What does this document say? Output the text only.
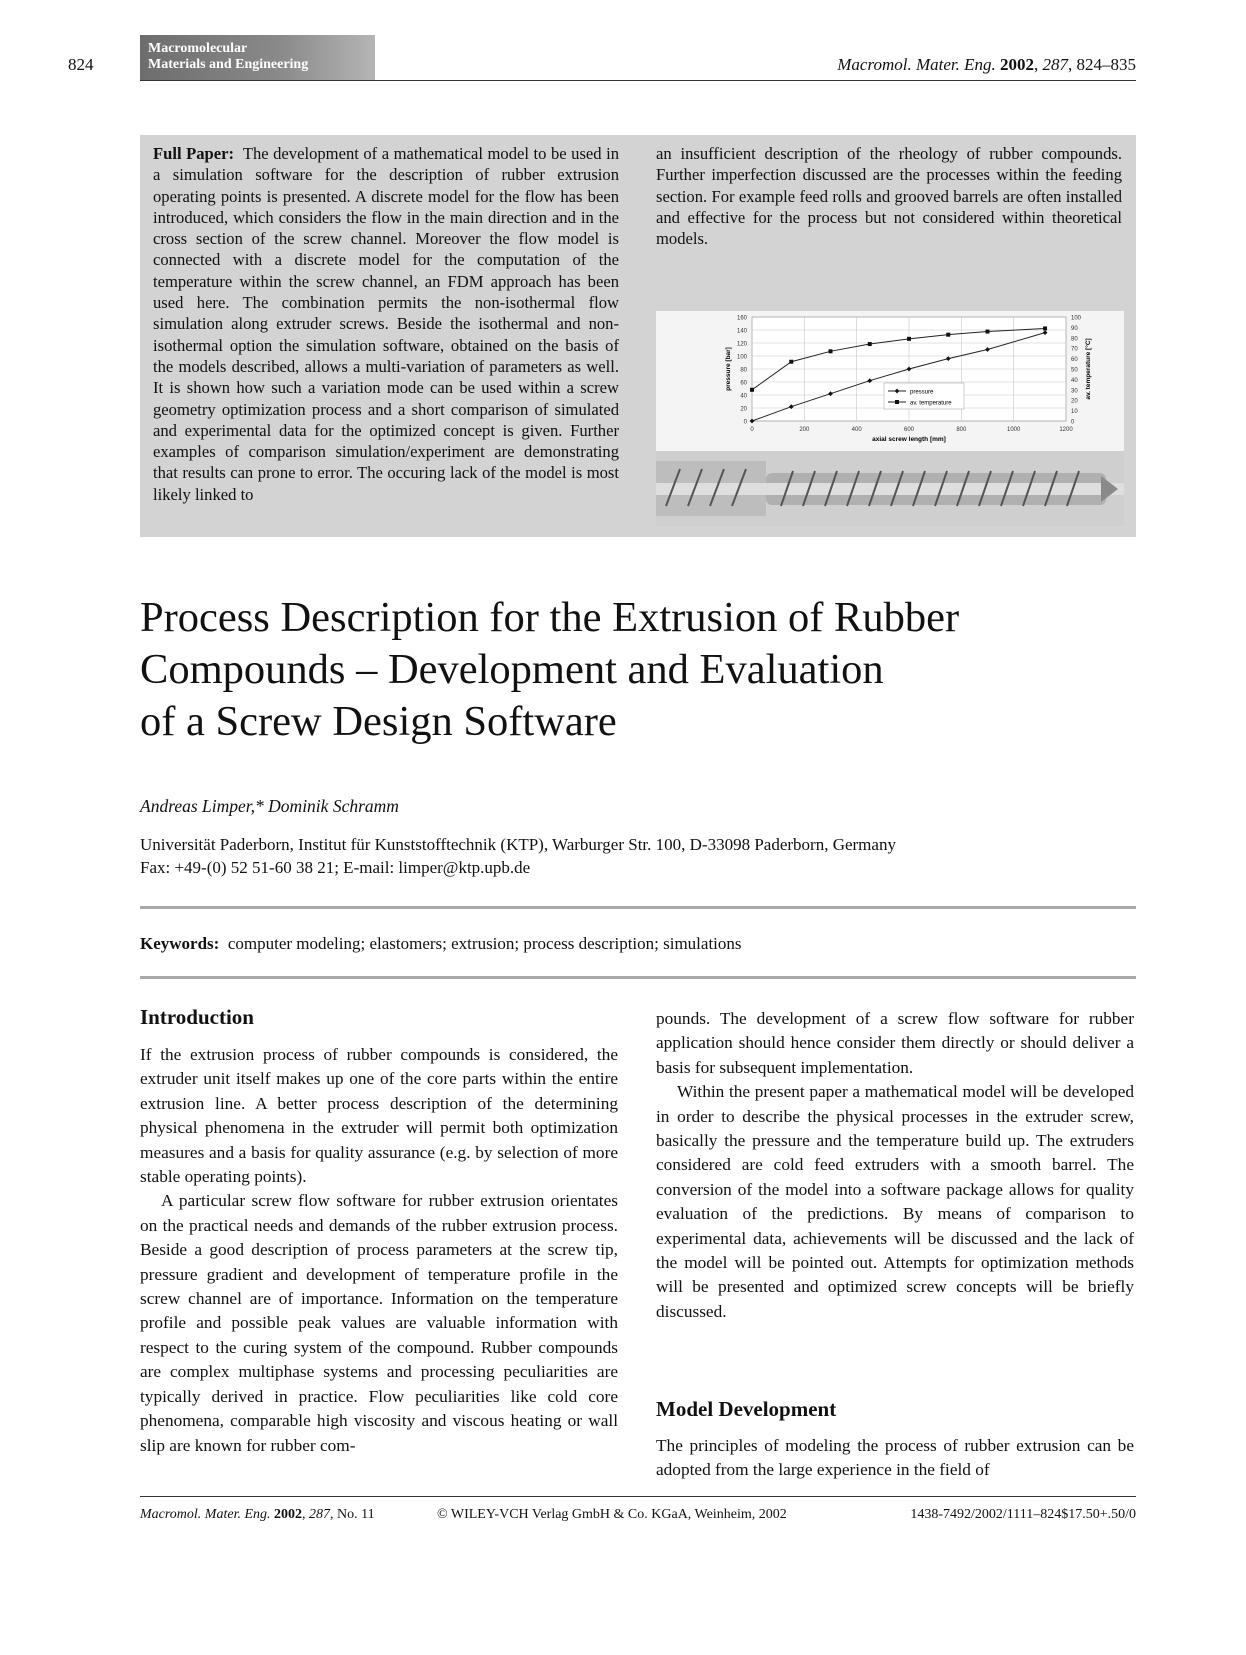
824
Macromolecular
Materials and Engineering	Macromol. Mater. Eng. 2002, 287, 824–835
Full Paper: The development of a mathematical model to be used in a simulation software for the description of rubber extrusion operating points is presented. A discrete model for the flow has been introduced, which considers the flow in the main direction and in the cross section of the screw channel. Moreover the flow model is connected with a discrete model for the computation of the temperature within the screw channel, an FDM approach has been used here. The combination permits the non-isothermal flow simulation along extruder screws. Beside the isothermal and non-isothermal option the simulation software, obtained on the basis of the models described, allows a multi-variation of parameters as well. It is shown how such a variation mode can be used within a screw geometry optimization process and a short comparison of simulated and experimental data for the optimized concept is given. Further examples of comparison simulation/experiment are demonstrating that results can prone to error. The occuring lack of the model is most likely linked to
an insufficient description of the rheology of rubber compounds. Further imperfection discussed are the processes within the feeding section. For example feed rolls and grooved barrels are often installed and effective for the process but not considered within theoretical models.
0
20
40
60
80
100
120
140
160
0
10
20
30
40
50
60
70
80
90
100
0	200	400	600	800	1000	1200
axial screw length [mm]
pressure [bar]	av. temperature [°C]
pressure
av. temperature
Process Description for the Extrusion of Rubber
Compounds – Development and Evaluation
of a Screw Design Software
Andreas Limper,* Dominik Schramm
Universität Paderborn, Institut für Kunststofftechnik (KTP), Warburger Str. 100, D-33098 Paderborn, Germany
Fax: +49-(0) 52 51-60 38 21; E-mail: limper@ktp.upb.de
Keywords: computer modeling; elastomers; extrusion; process description; simulations
Introduction

If the extrusion process of rubber compounds is considered, the extruder unit itself makes up one of the core parts within the entire extrusion line. A better process description of the determining physical phenomena in the extruder will permit both optimization measures and a basis for quality assurance (e.g. by selection of more stable operating points).

A particular screw flow software for rubber extrusion orientates on the practical needs and demands of the rubber extrusion process. Beside a good description of process parameters at the screw tip, pressure gradient and development of temperature profile in the screw channel are of importance. Information on the temperature profile and possible peak values are valuable information with respect to the curing system of the compound. Rubber compounds are complex multiphase systems and processing peculiarities are typically derived in practice. Flow peculiarities like cold core phenomena, comparable high viscosity and viscous heating or wall slip are known for rubber com-

pounds. The development of a screw flow software for rubber application should hence consider them directly or should deliver a basis for subsequent implementation.

Within the present paper a mathematical model will be developed in order to describe the physical processes in the extruder screw, basically the pressure and the temperature build up. The extruders considered are cold feed extruders with a smooth barrel. The conversion of the model into a software package allows for quality evaluation of the predictions. By means of comparison to experimental data, achievements will be discussed and the lack of the model will be pointed out. Attempts for optimization methods will be presented and optimized screw concepts will be briefly discussed.

Model Development

The principles of modeling the process of rubber extrusion can be adopted from the large experience in the field of

Macromol. Mater. Eng. 2002, 287, No. 11	© WILEY-VCH Verlag GmbH & Co. KGaA, Weinheim, 2002	1438-7492/2002/1111–824$17.50+.50/0
